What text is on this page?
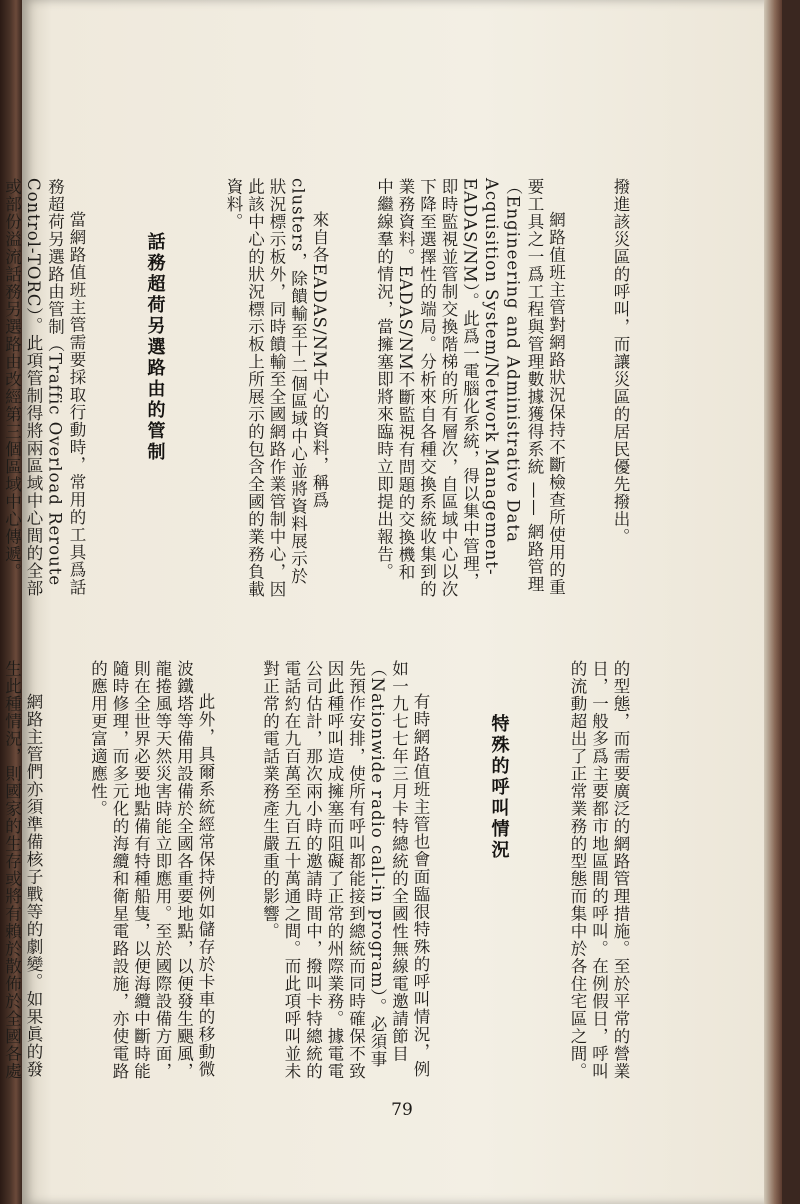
撥進該災區的呼叫，而讓災區的居民優先撥出。

網路值班主管對網路狀況保持不斷檢查所使用的重要工具之一爲工程與管理數據獲得系統 —— 網路管理（Engineering and Administrative Data Acquisition System/Network Management-EADAS/NM）。此爲一電腦化系統，得以集中管理，即時監視並管制交換階梯的所有層次，自區域中心以次下降至選擇性的端局。分析來自各種交換系統收集到的業務資料。EADAS/NM不斷監視有問題的交換機和中繼線羣的情況，當擁塞即將來臨時立即提出報告。

來自各EADAS/NM中心的資料，稱爲clusters，除饋輸至十二個區域中心並將資料展示於狀況標示板外，同時饋輸至全國網路作業管制中心，因此該中心的狀況標示板上所展示的包含全國的業務負載資料。

話務超荷另選路由的管制

當網路值班主管需要採取行動時，常用的工具爲話務超荷另選路由管制（Traffic Overload Reroute Control-TORC）。此項管制得將兩區域中心間的全部或部份溢流話務另選路由改經第三個區域中心傳遞。

的型態，而需要廣泛的網路管理措施。至於平常的營業日，一般多爲主要都市地區間的呼叫。在例假日，呼叫的流動超出了正常業務的型態而集中於各住宅區之間。

特殊的呼叫情況

有時網路值班主管也會面臨很特殊的呼叫情況，例如一九七七年三月卡特總統的全國性無線電邀請節目（Nationwide radio call-in program）。必須事先預作安排，使所有呼叫都能接到總統而同時確保不致因此種呼叫造成擁塞而阻礙了正常的州際業務。據電電公司估計，那次兩小時的邀請時間中，撥叫卡特總統的電話約在九百萬至九百五十萬通之間。而此項呼叫並未對正常的電話業務產生嚴重的影響。

此外，具爾系統經常保持例如儲存於卡車的移動微波鐵塔等備用設備於全國各重要地點，以便發生颶風，龍捲風等天然災害時能立即應用。至於國際設備方面，則在全世界必要地點備有特種船隻，以便海纜中斷時能隨時修理，而多元化的海纜和衛星電路設施，亦使電路的應用更富適應性。

網路主管們亦須準備核子戰等的劇變。如果眞的發生此種情況，則國家的生存或將有賴於散佈於全國各處

79
